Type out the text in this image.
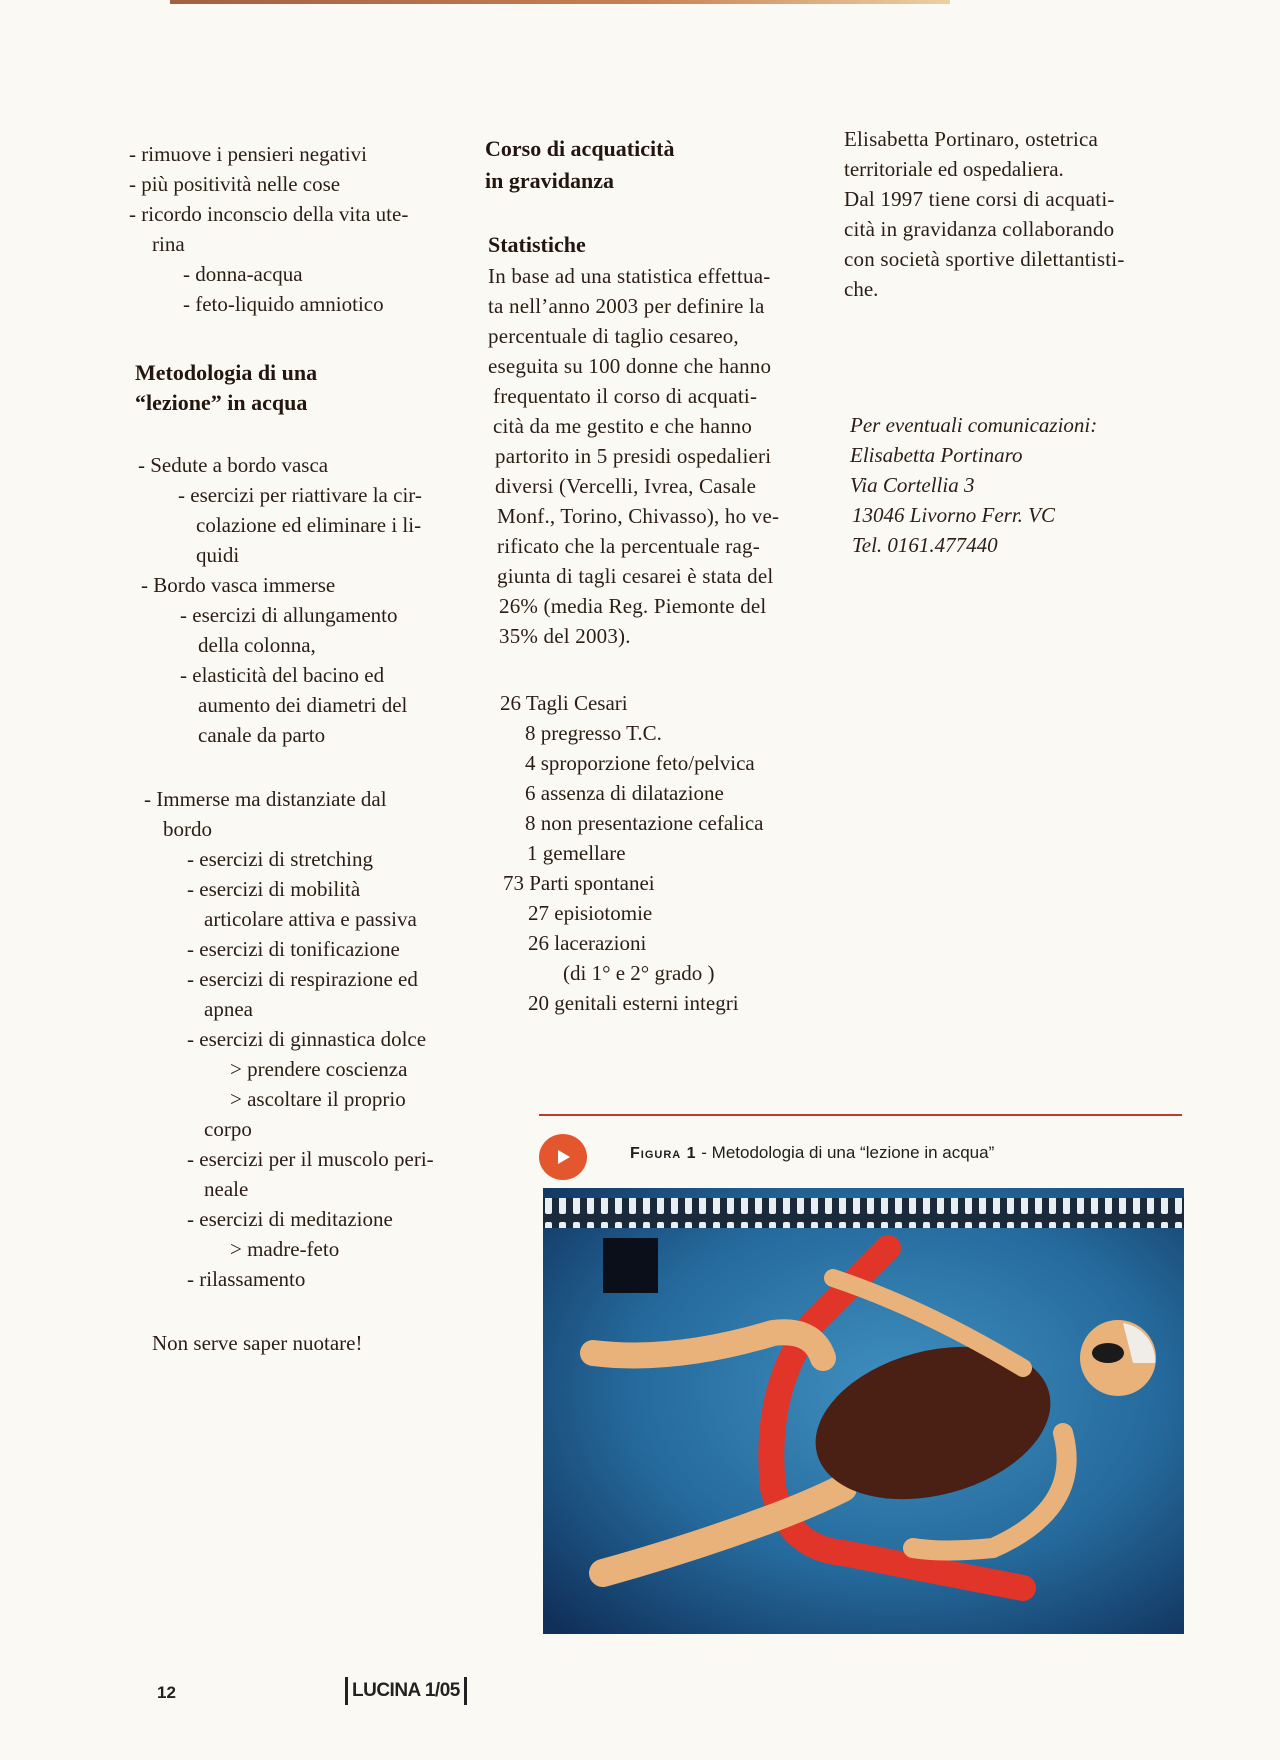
- rimuove i pensieri negativi
- più positività nelle cose
- ricordo inconscio della vita ute-
rina
- donna-acqua
- feto-liquido amniotico
Metodologia di una
“lezione” in acqua
- Sedute a bordo vasca
- esercizi per riattivare la cir-
colazione ed eliminare i li-
quidi
- Bordo vasca immerse
- esercizi di allungamento
della colonna,
- elasticità del bacino ed
aumento dei diametri del
canale da parto
- Immerse ma distanziate dal
bordo
- esercizi di stretching
- esercizi di mobilità
articolare attiva e passiva
- esercizi di tonificazione
- esercizi di respirazione ed
apnea
- esercizi di ginnastica dolce
> prendere coscienza
> ascoltare il proprio
corpo
- esercizi per il muscolo peri-
neale
- esercizi di meditazione
> madre-feto
- rilassamento
Non serve saper nuotare!
Corso di acquaticità
in gravidanza
Statistiche
In base ad una statistica effettua-
ta nell’anno 2003 per definire la
percentuale di taglio cesareo,
eseguita su 100 donne che hanno
frequentato il corso di acquati-
cità da me gestito e che hanno
partorito in 5 presidi ospedalieri
diversi (Vercelli, Ivrea, Casale
Monf., Torino, Chivasso), ho ve-
rificato che la percentuale rag-
giunta di tagli cesarei è stata del
26% (media Reg. Piemonte del
35% del 2003).
26 Tagli Cesari
8 pregresso T.C.
4 sproporzione feto/pelvica
6 assenza di dilatazione
8 non presentazione cefalica
1 gemellare
73 Parti spontanei
27 episiotomie
26 lacerazioni
(di 1° e 2° grado )
20 genitali esterni integri
Elisabetta Portinaro, ostetrica
territoriale ed ospedaliera.
Dal 1997 tiene corsi di acquati-
cità in gravidanza collaborando
con società sportive dilettantisti-
che.
Per eventuali comunicazioni:
Elisabetta Portinaro
Via Cortellia 3
13046 Livorno Ferr. VC
Tel. 0161.477440
Figura 1 - Metodologia di una “lezione in acqua”
12	LUCINA 1/05
